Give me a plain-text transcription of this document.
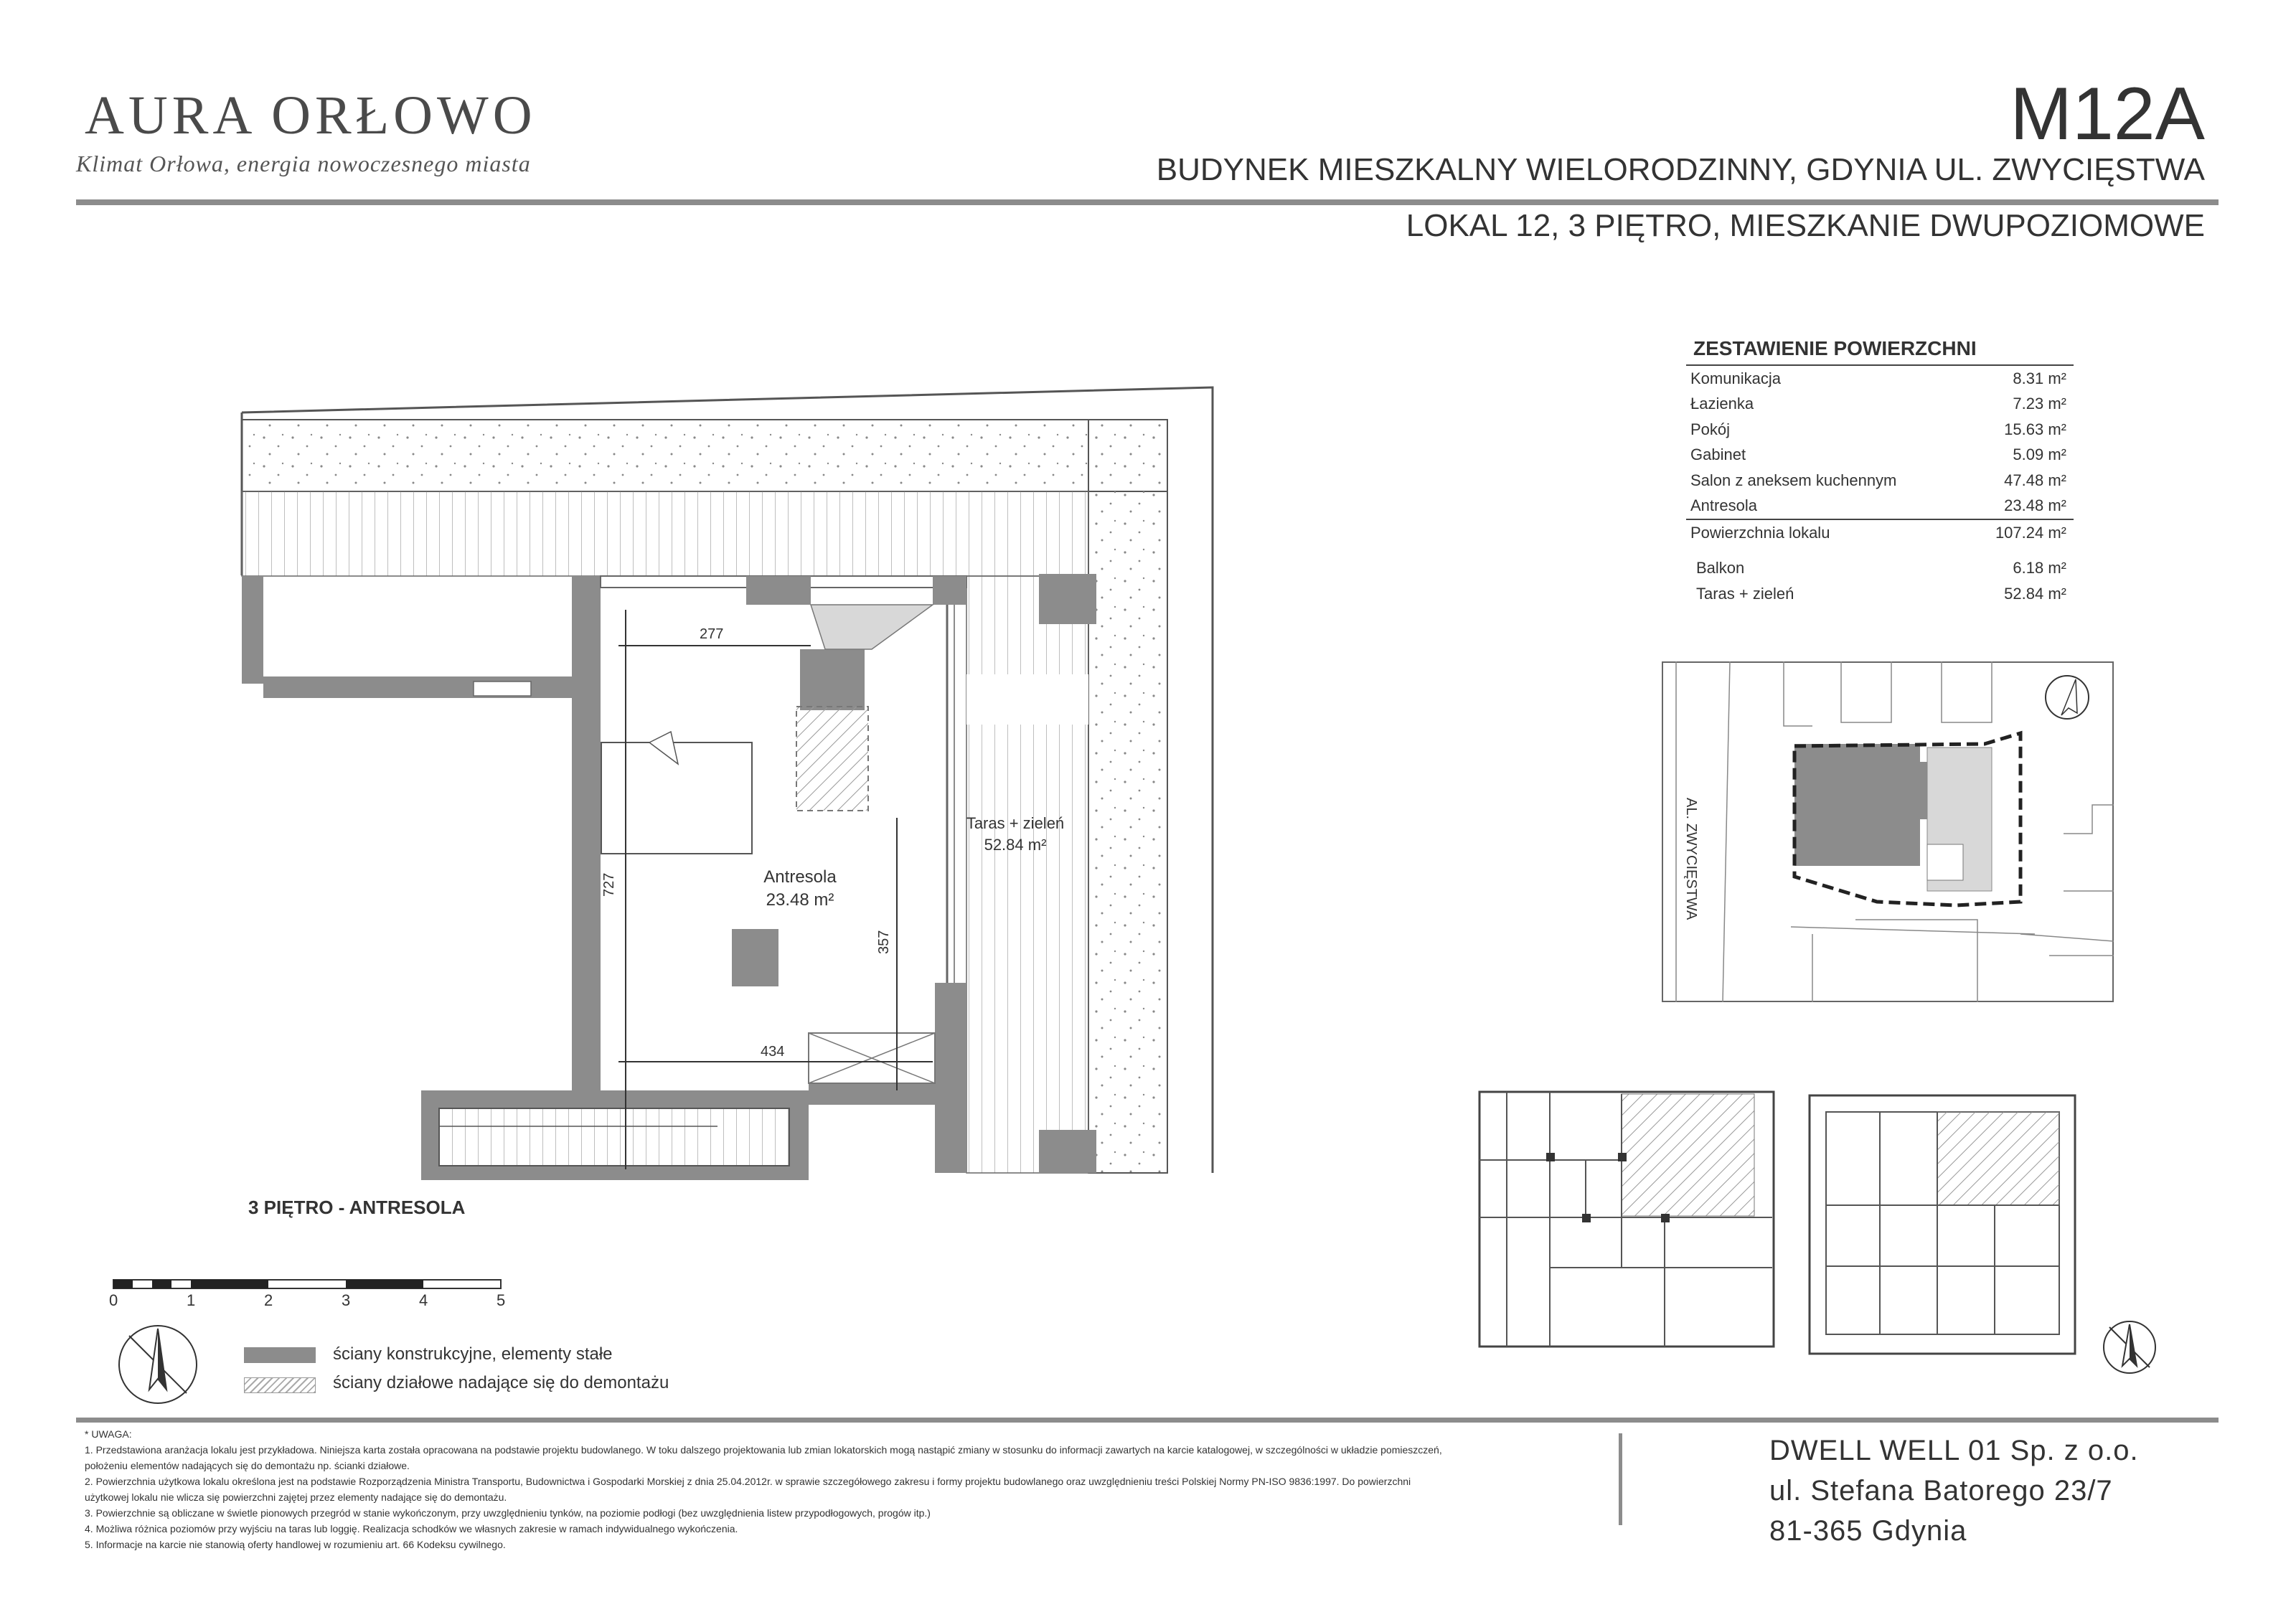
AURA ORŁOWO
Klimat Orłowa, energia nowoczesnego miasta
M12A
BUDYNEK MIESZKALNY WIELORODZINNY, GDYNIA UL. ZWYCIĘSTWA
LOKAL 12, 3 PIĘTRO, MIESZKANIE DWUPOZIOMOWE
ZESTAWIENIE POWIERZCHNI
Komunikacja	8.31 m²
Łazienka	7.23 m²
Pokój	15.63 m²
Gabinet	5.09 m²
Salon z aneksem kuchennym	47.48 m²
Antresola	23.48 m²
Powierzchnia lokalu	107.24 m²
Balkon	6.18 m²
Taras + zieleń	52.84 m²
277
434
727
357
Antresola
23.48 m²
Taras + zieleń
52.84 m²
3 PIĘTRO - ANTRESOLA
0	1	2	3	4	5
ściany konstrukcyjne, elementy stałe
ściany działowe nadające się do demontażu
AL. ZWYCIĘSTWA
* UWAGA:
1. Przedstawiona aranżacja lokalu jest przykładowa. Niniejsza karta została opracowana na podstawie projektu budowlanego. W toku dalszego projektowania lub zmian lokatorskich mogą nastąpić zmiany w stosunku do informacji zawartych na karcie katalogowej, w szczególności w układzie pomieszczeń,
położeniu elementów nadających się do demontażu np. ścianki działowe.
2. Powierzchnia użytkowa lokalu określona jest na podstawie Rozporządzenia Ministra Transportu, Budownictwa i Gospodarki Morskiej z dnia 25.04.2012r. w sprawie szczegółowego zakresu i formy projektu budowlanego oraz uwzględnieniu treści Polskiej Normy PN-ISO 9836:1997. Do powierzchni
użytkowej lokalu nie wlicza się powierzchni zajętej przez elementy nadające się do demontażu.
3. Powierzchnie są obliczane w świetle pionowych przegród w stanie wykończonym, przy uwzględnieniu tynków, na poziomie podłogi (bez uwzględnienia listew przypodłogowych, progów itp.)
4. Możliwa różnica poziomów przy wyjściu na taras lub loggię. Realizacja schodków we własnych zakresie w ramach indywidualnego wykończenia.
5. Informacje na karcie nie stanowią oferty handlowej w rozumieniu art. 66 Kodeksu cywilnego.
DWELL WELL 01 Sp. z o.o.
ul. Stefana Batorego 23/7
81-365 Gdynia
